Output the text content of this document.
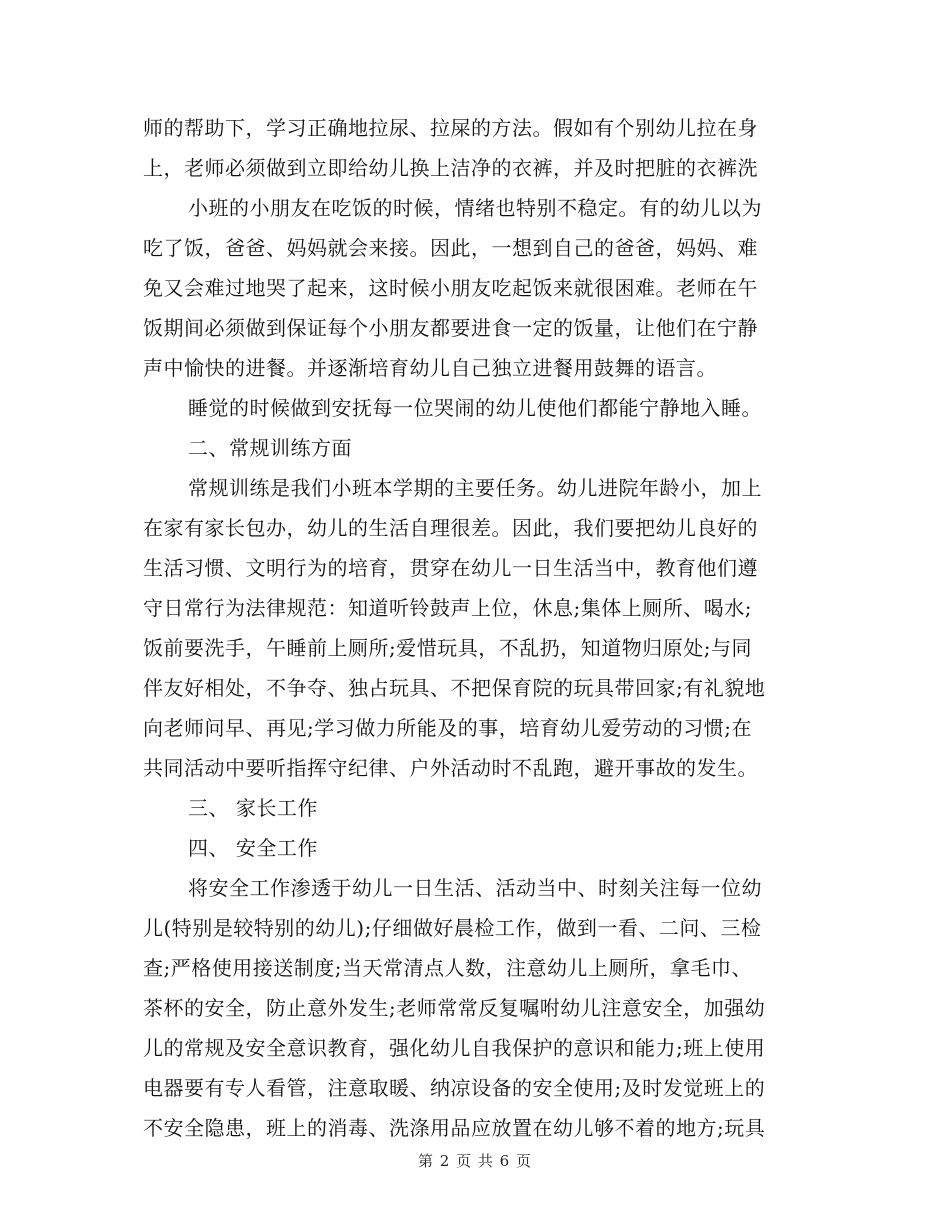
师的帮助下，学习正确地拉尿、拉屎的方法。假如有个别幼儿拉在身
上，老师必须做到立即给幼儿换上洁净的衣裤，并及时把脏的衣裤洗
小班的小朋友在吃饭的时候，情绪也特别不稳定。有的幼儿以为
吃了饭，爸爸、妈妈就会来接。因此，一想到自己的爸爸，妈妈、难
免又会难过地哭了起来，这时候小朋友吃起饭来就很困难。老师在午
饭期间必须做到保证每个小朋友都要进食一定的饭量，让他们在宁静
声中愉快的进餐。并逐渐培育幼儿自己独立进餐用鼓舞的语言。
睡觉的时候做到安抚每一位哭闹的幼儿使他们都能宁静地入睡。
二、常规训练方面
常规训练是我们小班本学期的主要任务。幼儿进院年龄小，加上
在家有家长包办，幼儿的生活自理很差。因此，我们要把幼儿良好的
生活习惯、文明行为的培育，贯穿在幼儿一日生活当中，教育他们遵
守日常行为法律规范：知道听铃鼓声上位，休息;集体上厕所、喝水;
饭前要洗手，午睡前上厕所;爱惜玩具，不乱扔，知道物归原处;与同
伴友好相处，不争夺、独占玩具、不把保育院的玩具带回家;有礼貌地
向老师问早、再见;学习做力所能及的事，培育幼儿爱劳动的习惯;在
共同活动中要听指挥守纪律、户外活动时不乱跑，避开事故的发生。
三、 家长工作
四、 安全工作
将安全工作渗透于幼儿一日生活、活动当中、时刻关注每一位幼
儿(特别是较特别的幼儿);仔细做好晨检工作，做到一看、二问、三检
查;严格使用接送制度;当天常清点人数，注意幼儿上厕所，拿毛巾、
茶杯的安全，防止意外发生;老师常常反复嘱咐幼儿注意安全，加强幼
儿的常规及安全意识教育，强化幼儿自我保护的意识和能力;班上使用
电器要有专人看管，注意取暖、纳凉设备的安全使用;及时发觉班上的
不安全隐患，班上的消毒、洗涤用品应放置在幼儿够不着的地方;玩具
第 2 页 共 6 页
